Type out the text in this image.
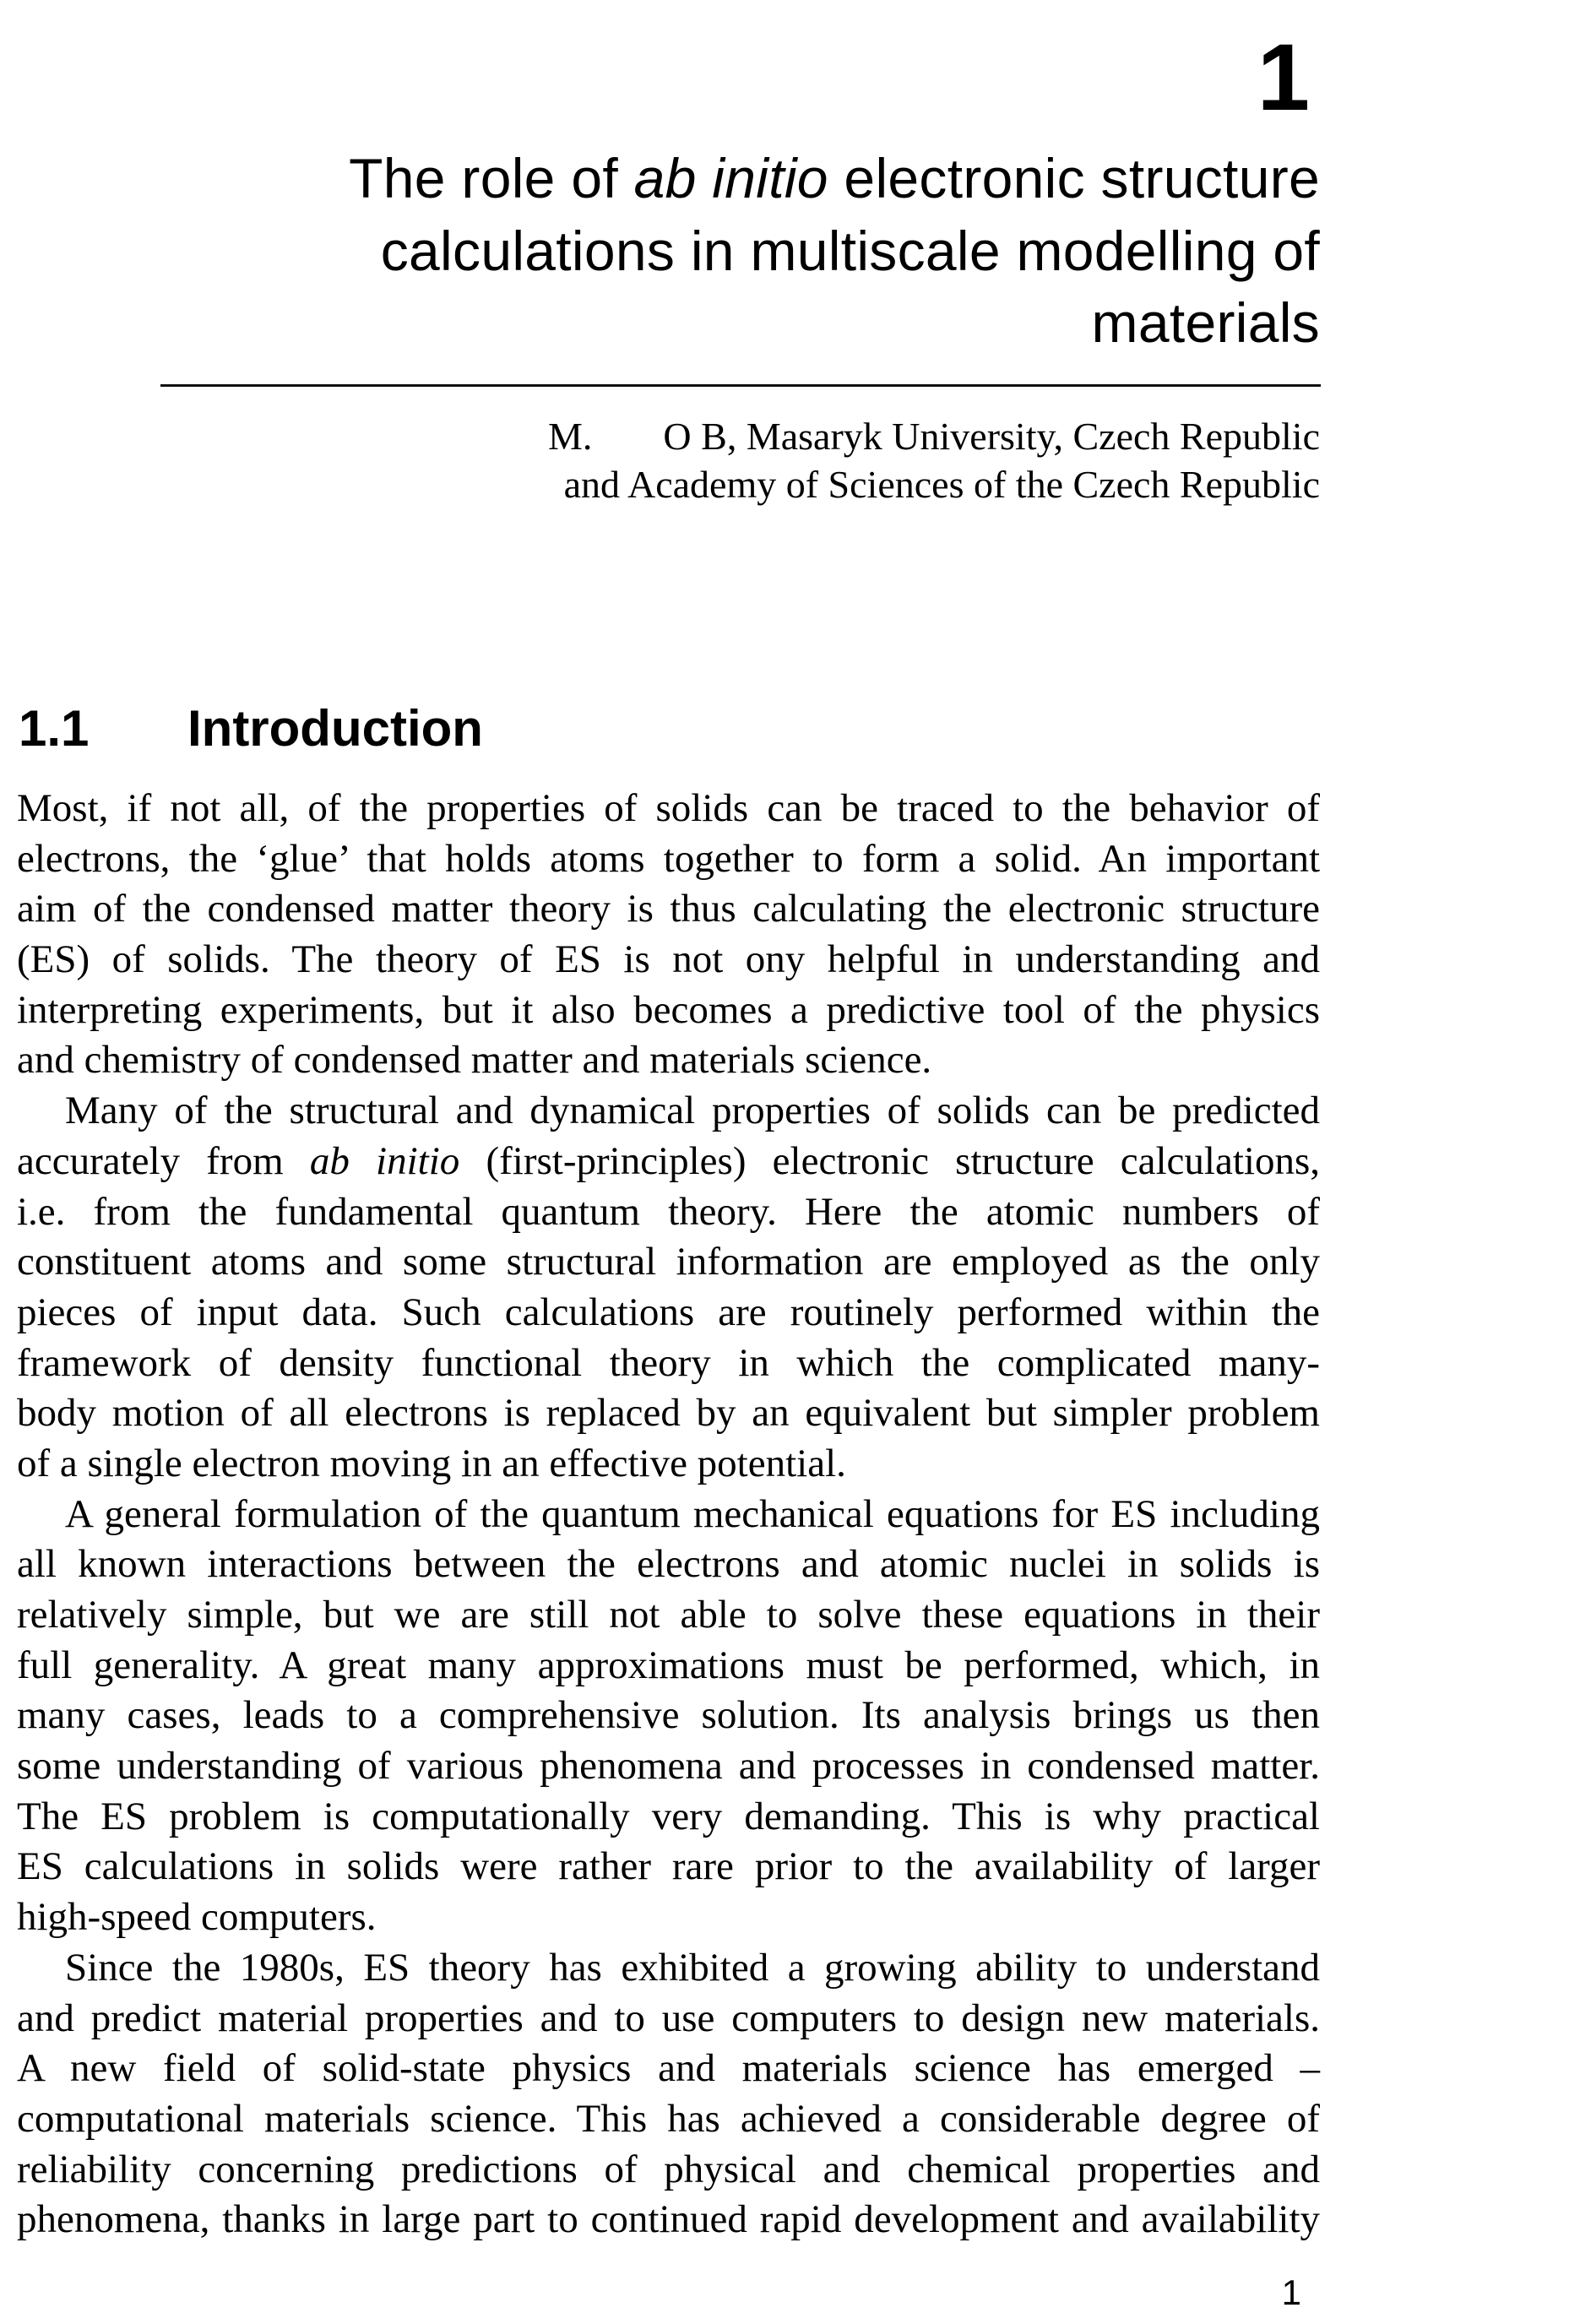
1
The role of ab initio electronic structure
calculations in multiscale modelling of
materials
M. O B, Masaryk University, Czech Republic
and Academy of Sciences of the Czech Republic
1.1 Introduction
Most, if not all, of the properties of solids can be traced to the behavior of
electrons, the ‘glue’ that holds atoms together to form a solid. An important
aim of the condensed matter theory is thus calculating the electronic structure
(ES) of solids. The theory of ES is not ony helpful in understanding and
interpreting experiments, but it also becomes a predictive tool of the physics
and chemistry of condensed matter and materials science.
Many of the structural and dynamical properties of solids can be predicted
accurately from ab initio (first-principles) electronic structure calculations,
i.e. from the fundamental quantum theory. Here the atomic numbers of
constituent atoms and some structural information are employed as the only
pieces of input data. Such calculations are routinely performed within the
framework of density functional theory in which the complicated many-
body motion of all electrons is replaced by an equivalent but simpler problem
of a single electron moving in an effective potential.
A general formulation of the quantum mechanical equations for ES including
all known interactions between the electrons and atomic nuclei in solids is
relatively simple, but we are still not able to solve these equations in their
full generality. A great many approximations must be performed, which, in
many cases, leads to a comprehensive solution. Its analysis brings us then
some understanding of various phenomena and processes in condensed matter.
The ES problem is computationally very demanding. This is why practical
ES calculations in solids were rather rare prior to the availability of larger
high-speed computers.
Since the 1980s, ES theory has exhibited a growing ability to understand
and predict material properties and to use computers to design new materials.
A new field of solid-state physics and materials science has emerged –
computational materials science. This has achieved a considerable degree of
reliability concerning predictions of physical and chemical properties and
phenomena, thanks in large part to continued rapid development and availability
1
